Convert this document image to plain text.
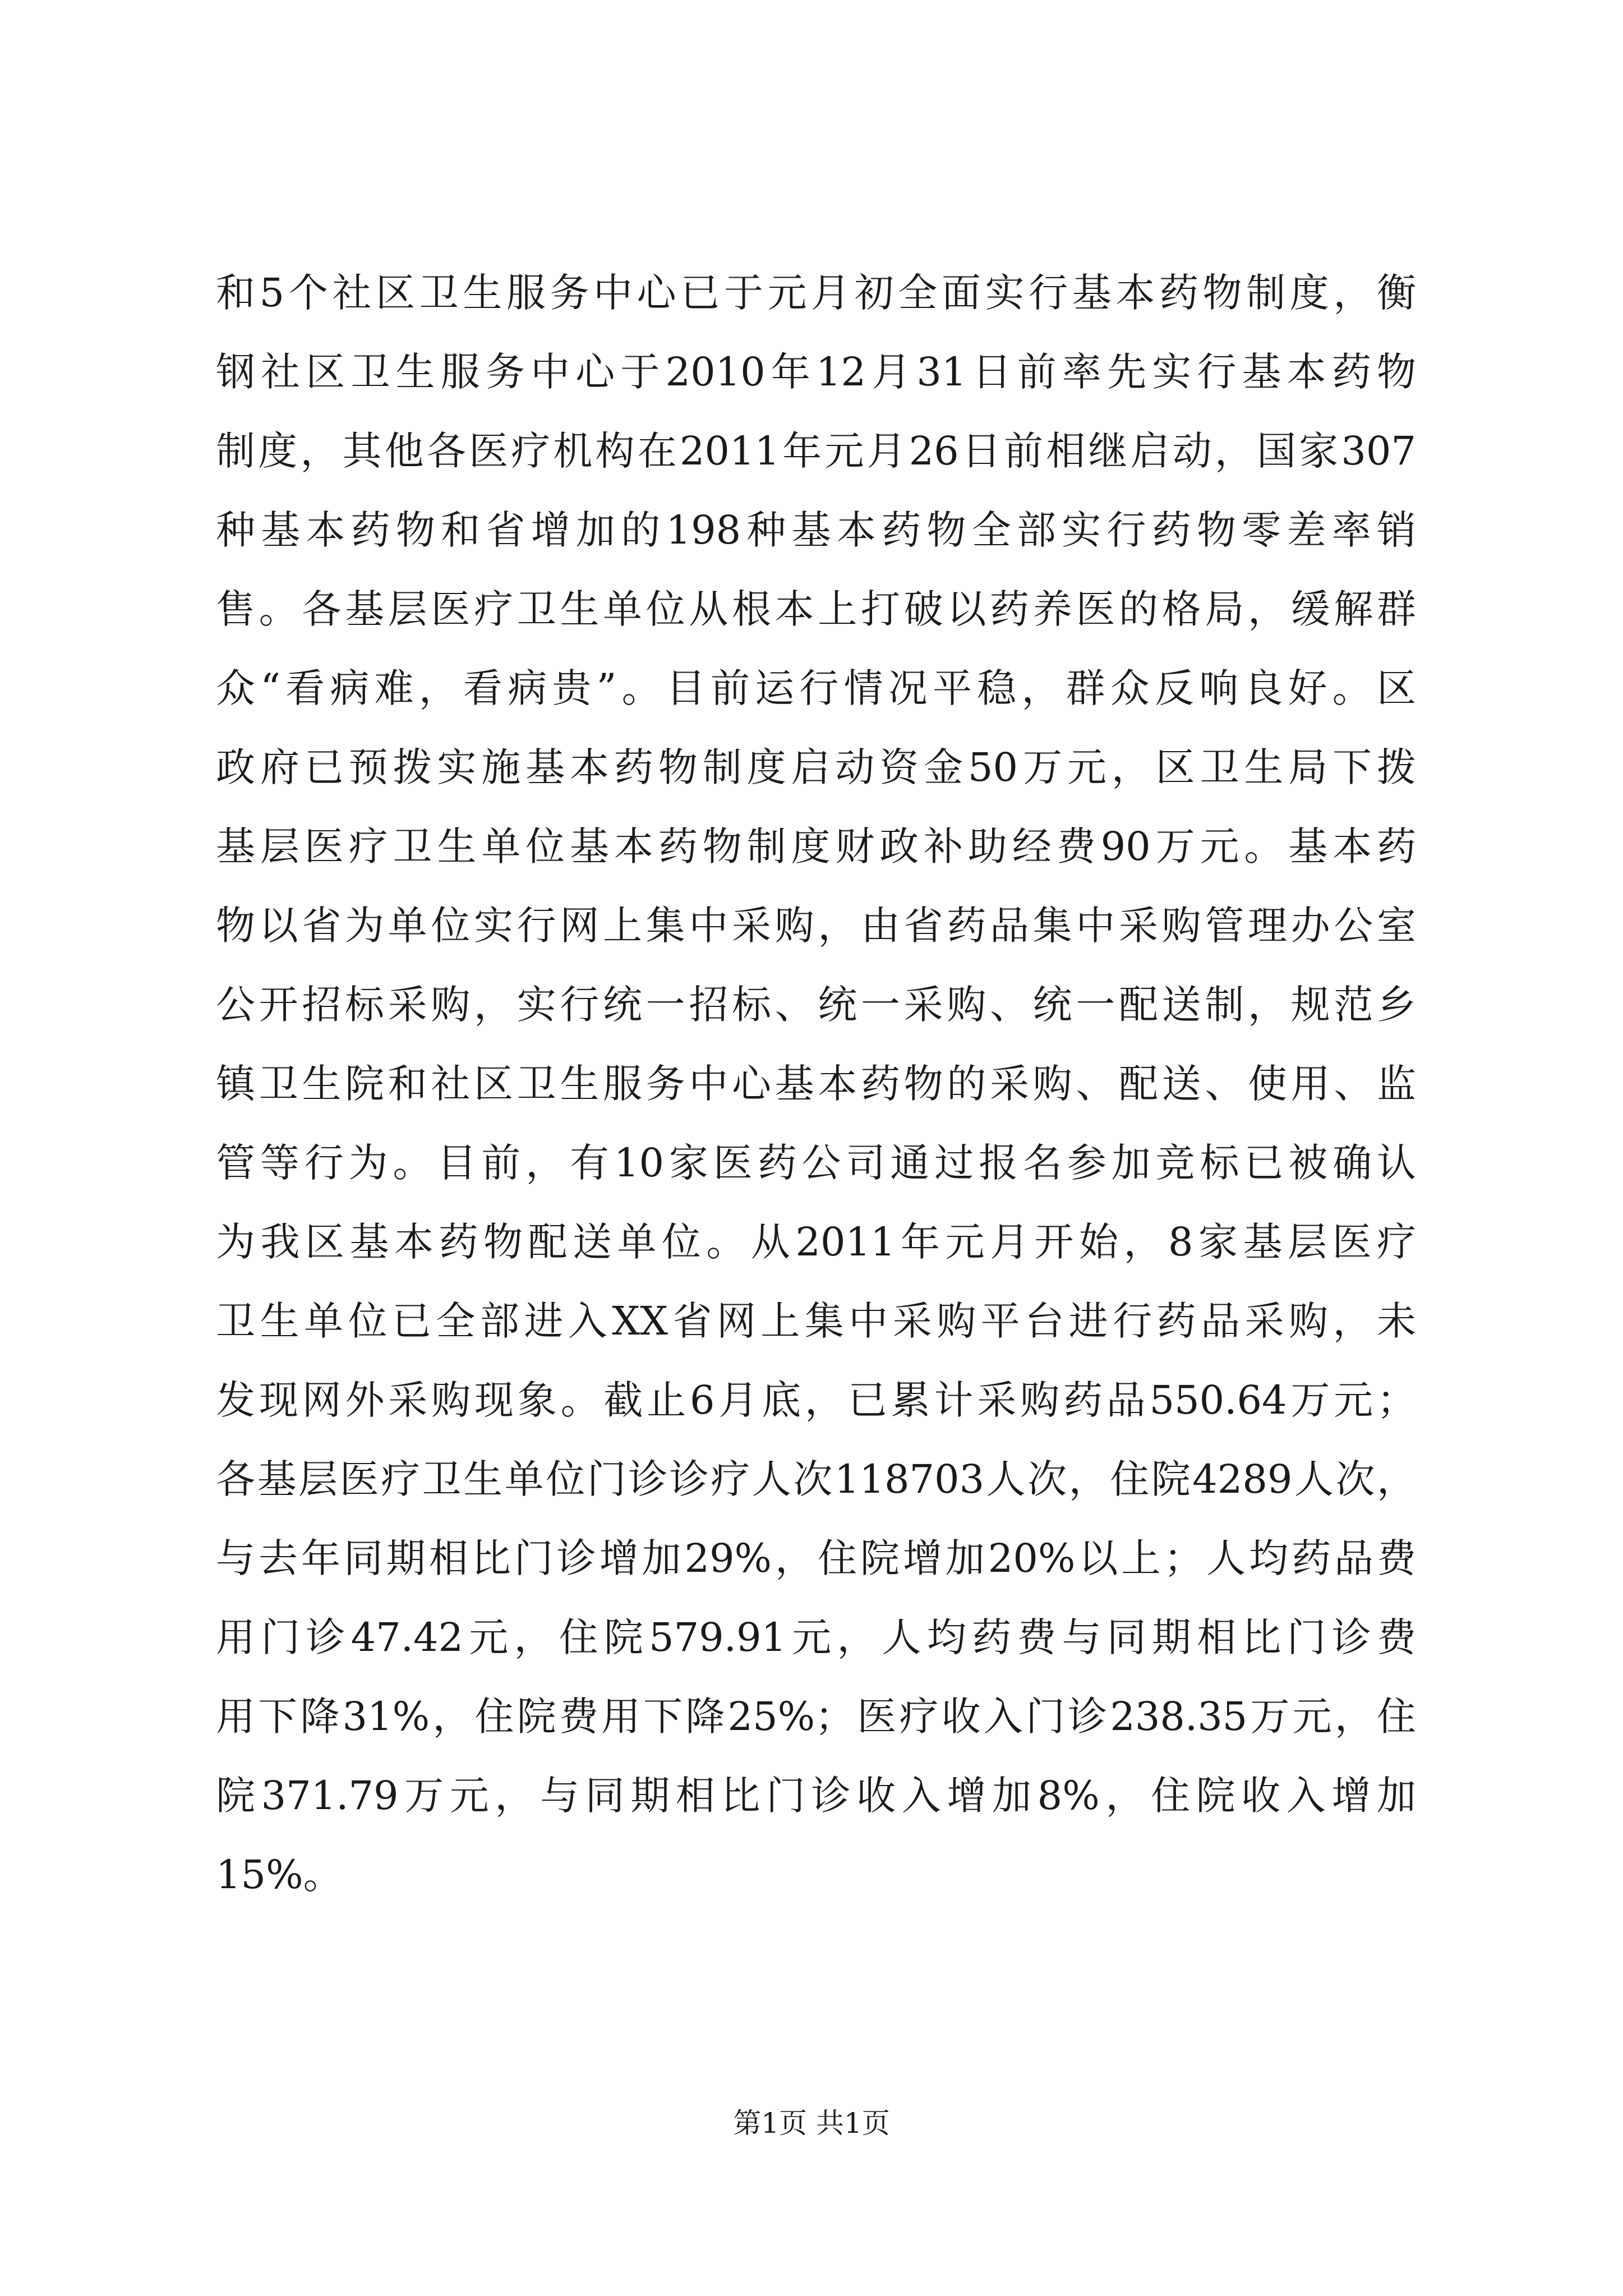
和5个社区卫生服务中心已于元月初全面实行基本药物制度，衡
钢社区卫生服务中心于2010年12月31日前率先实行基本药物
制度，其他各医疗机构在2011年元月26日前相继启动，国家307
种基本药物和省增加的198种基本药物全部实行药物零差率销
售。各基层医疗卫生单位从根本上打破以药养医的格局，缓解群
众“看病难，看病贵”。目前运行情况平稳，群众反响良好。区
政府已预拨实施基本药物制度启动资金50万元，区卫生局下拨
基层医疗卫生单位基本药物制度财政补助经费90万元。基本药
物以省为单位实行网上集中采购，由省药品集中采购管理办公室
公开招标采购，实行统一招标、统一采购、统一配送制，规范乡
镇卫生院和社区卫生服务中心基本药物的采购、配送、使用、监
管等行为。目前，有10家医药公司通过报名参加竞标已被确认
为我区基本药物配送单位。从2011年元月开始，8家基层医疗
卫生单位已全部进入XX省网上集中采购平台进行药品采购，未
发现网外采购现象。截止6月底，已累计采购药品550.64万元；
各基层医疗卫生单位门诊诊疗人次118703人次，住院4289人次，
与去年同期相比门诊增加29%，住院增加20%以上；人均药品费
用门诊47.42元，住院579.91元，人均药费与同期相比门诊费
用下降31%，住院费用下降25%；医疗收入门诊238.35万元，住
院371.79万元，与同期相比门诊收入增加8%，住院收入增加
15%。
第1页 共1页
